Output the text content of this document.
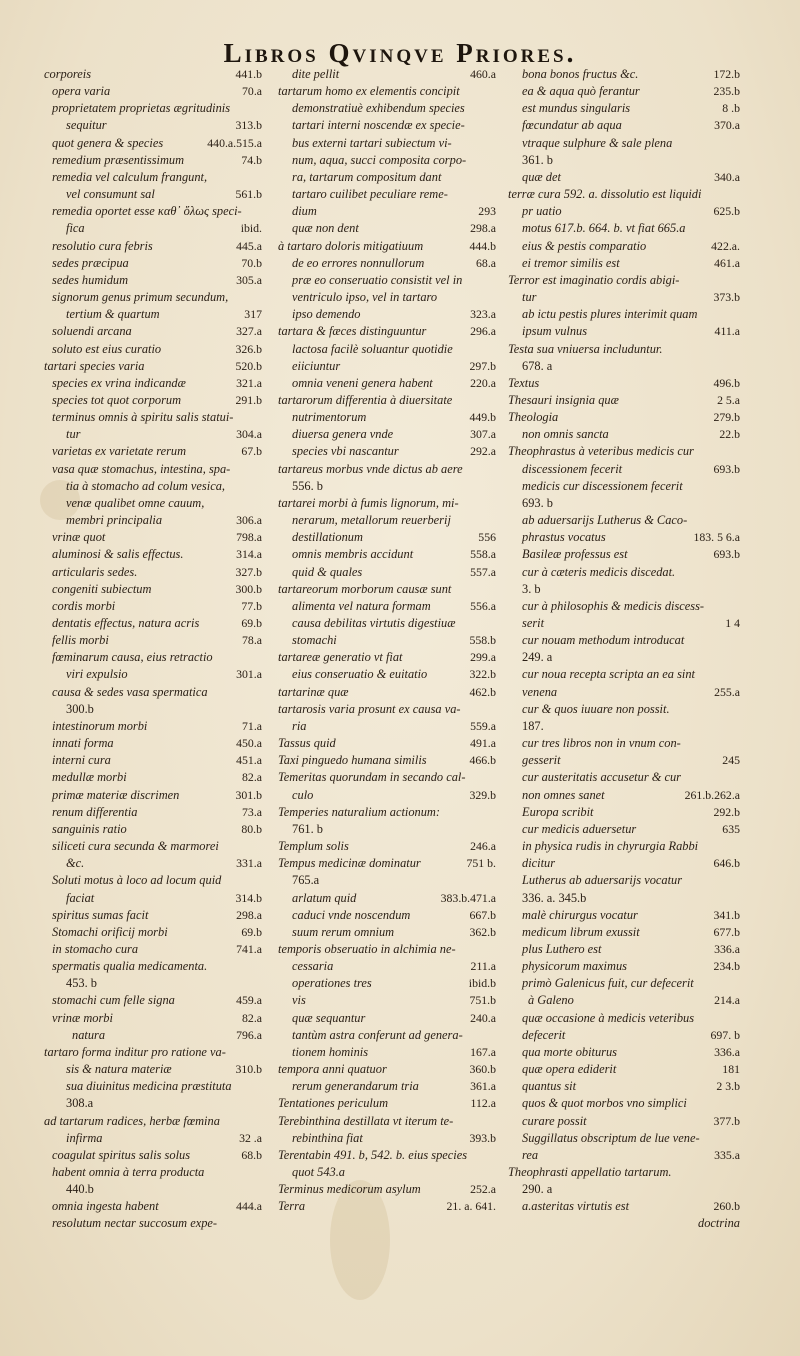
Libros Qvinqve Priores.
corporeis	441.b
opera varia	70.a
proprietatem proprietas ægritudinis
sequitur	313.b
quot genera & species	440.a.515.a
remedium præsentissimum	74.b
remedia vel calculum frangunt,
vel consumunt sal	561.b
remedia oportet esse καθ᾽ ὅλως speci-
fica	ibid.
resolutio cura febris	445.a
sedes præcipua	70.b
sedes humidum	305.a
signorum genus primum secundum,
tertium & quartum	317
soluendi arcana	327.a
soluto est eius curatio	326.b
tartari species varia	520.b
species ex vrina indicandæ	321.a
species tot quot corporum	291.b
terminus omnis à spiritu salis statui-
tur	304.a
varietas ex varietate rerum	67.b
vasa quæ stomachus, intestina, spa-
tia à stomacho ad colum vesica,
venæ qualibet omne cauum,
membri principalia	306.a
vrinæ quot	798.a
aluminosi & salis effectus.	314.a
articularis sedes.	327.b
congeniti subiectum	300.b
cordis morbi	77.b
dentatis effectus, natura acris	69.b
fellis morbi	78.a
fœminarum causa, eius retractio
viri expulsio	301.a
causa & sedes vasa spermatica
300.b
intestinorum morbi	71.a
innati forma	450.a
interni cura	451.a
medullæ morbi	82.a
primæ materiæ discrimen	301.b
renum differentia	73.a
sanguinis ratio	80.b
siliceti cura secunda & marmorei
&c.	331.a
Soluti motus à loco ad locum quid
faciat	314.b
spiritus sumas facit	298.a
Stomachi orificij morbi	69.b
in stomacho cura	741.a
spermatis qualia medicamenta.
453. b
stomachi cum felle signa	459.a
vrinæ morbi	82.a
natura	796.a
tartaro forma inditur pro ratione va-
sis & natura materiæ	310.b
sua diuinitus medicina præstituta
308.a
ad tartarum radices, herbæ fœmina
infirma	32 .a
coagulat spiritus salis solus	68.b
habent omnia à terra producta
440.b
omnia ingesta habent	444.a
resolutum nectar succosum expe-
dite pellit	460.a
tartarum homo ex elementis concipit
demonstratiuè exhibendum species
tartari interni noscendæ ex specie-
bus externi tartari subiectum vi-
num, aqua, succi composita corpo-
ra, tartarum compositum dant
tartaro cuilibet peculiare reme-
dium	293
quæ non dent	298.a
à tartaro doloris mitigatiuum	444.b
de eo errores nonnullorum	68.a
præ eo conseruatio consistit vel in
ventriculo ipso, vel in tartaro
ipso demendo	323.a
tartara & fæces distinguuntur	296.a
lactosa facilè soluantur quotidie
eiiciuntur	297.b
omnia veneni genera habent	220.a
tartarorum differentia à diuersitate
nutrimentorum	449.b
diuersa genera vnde	307.a
species vbi nascantur	292.a
tartareus morbus vnde dictus ab aere
556. b
tartarei morbi à fumis lignorum, mi-
nerarum, metallorum reuerberij
destillationum	556
omnis membris accidunt	558.a
quid & quales	557.a
tartareorum morborum causæ sunt
alimenta vel natura formam	556.a
causa debilitas virtutis digestiuæ
stomachi	558.b
tartareæ generatio vt fiat	299.a
eius conseruatio & euitatio	322.b
tartarinæ quæ	462.b
tartarosis varia prosunt ex causa va-
ria	559.a
Tassus quid	491.a
Taxi pinguedo humana similis	466.b
Temeritas quorundam in secando cal-
culo	329.b
Temperies naturalium actionum:
761. b
Templum solis	246.a
Tempus medicinæ dominatur	751 b.
765.a
arlatum quid	383.b.471.a
caduci vnde noscendum	667.b
suum rerum omnium	362.b
temporis obseruatio in alchimia ne-
cessaria	211.a
operationes tres	ibid.b
vis	751.b
quæ sequantur	240.a
tantùm astra conferunt ad genera-
tionem hominis	167.a
tempora anni quatuor	360.b
rerum generandarum tria	361.a
Tentationes periculum	112.a
Terebinthina destillata vt iterum te-
rebinthina fiat	393.b
Terentabin 491. b, 542. b. eius species
quot 543.a
Terminus medicorum asylum	252.a
Terra	21. a. 641.
bona bonos fructus &c.	172.b
ea & aqua quò ferantur	235.b
est mundus singularis	8 .b
fœcundatur ab aqua	370.a
vtraque sulphure & sale plena
361. b
quæ det	340.a
terræ cura 592. a. dissolutio est liquidi
pr uatio	625.b
motus 617.b. 664. b. vt fiat 665.a
eius & pestis comparatio	422.a.
ei tremor similis est	461.a
Terror est imaginatio cordis abigi-
tur	373.b
ab ictu pestis plures interimit quam
ipsum vulnus	411.a
Testa sua vniuersa includuntur.
678. a
Textus	496.b
Thesauri insignia quæ	2 5.a
Theologia	279.b
non omnis sancta	22.b
Theophrastus à veteribus medicis cur
discessionem fecerit	693.b
medicis cur discessionem fecerit
693. b
ab aduersarijs Lutherus & Caco-
phrastus vocatus	183. 5 6.a
Basileæ professus est	693.b
cur à cæteris medicis discedat.
3. b
cur à philosophis & medicis discess-
serit	1 4
cur nouam methodum introducat
249. a
cur noua recepta scripta an ea sint
venena	255.a
cur & quos iuuare non possit.
187.
cur tres libros non in vnum con-
gesserit	245
cur austeritatis accusetur & cur
non omnes sanet	261.b.262.a
Europa scribit	292.b
cur medicis aduersetur	635
in physica rudis in chyrurgia Rabbi
dicitur	646.b
Lutherus ab aduersarijs vocatur
336. a. 345.b
malè chirurgus vocatur	341.b
medicum librum exussit	677.b
plus Luthero est	336.a
physicorum maximus	234.b
primò Galenicus fuit, cur defecerit
à Galeno	214.a
quæ occasione à medicis veteribus
defecerit	697. b
qua morte obiturus	336.a
quæ opera ediderit	181
quantus sit	2 3.b
quos & quot morbos vno simplici
curare possit	377.b
Suggillatus obscriptum de lue vene-
rea	335.a
Theophrasti appellatio tartarum.
290. a
a.asteritas virtutis est	260.b
doctrina
